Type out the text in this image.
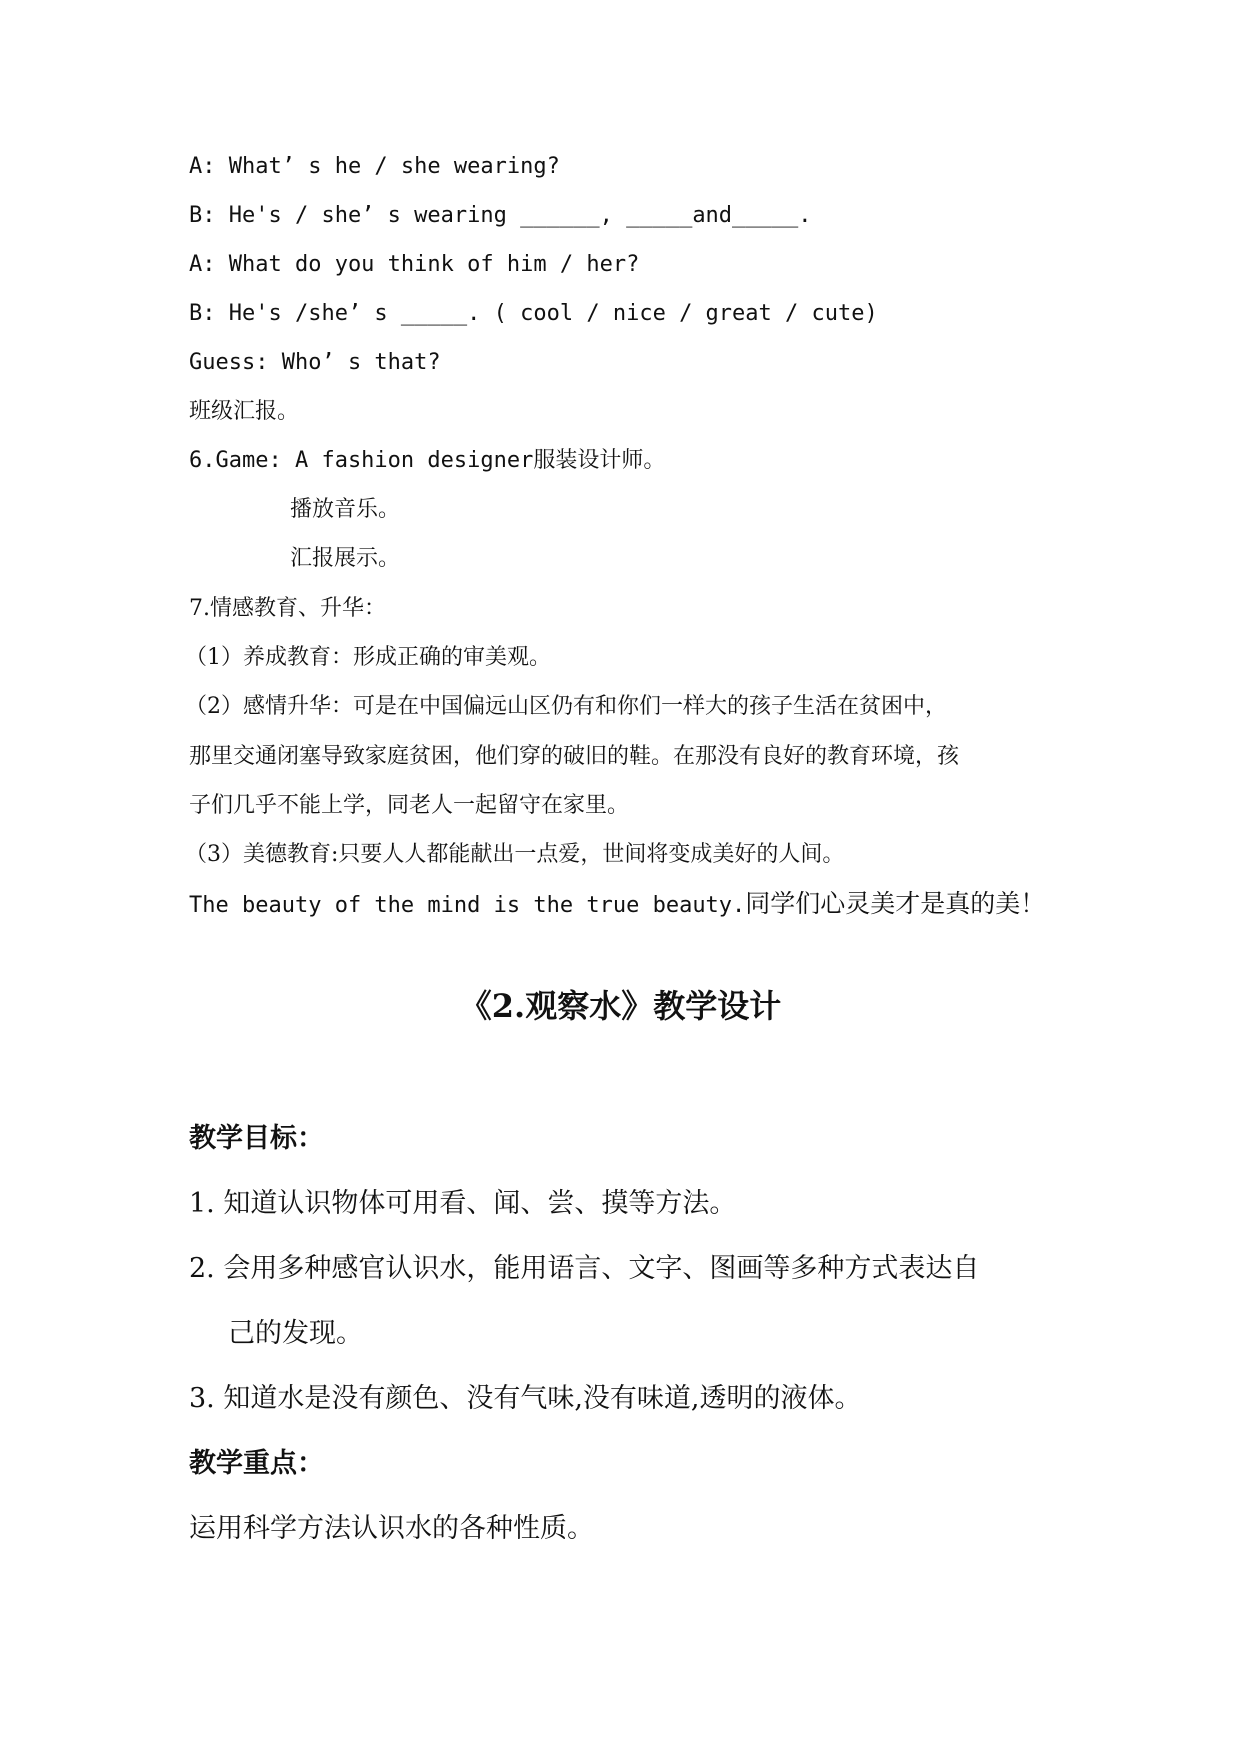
A: What’ s he / she wearing?
B: He's / she’ s wearing ______, _____and_____.
A: What do you think of him / her?
B: He's /she’ s _____. ( cool / nice / great / cute)
Guess: Who’ s that?
班级汇报。
6.Game: A fashion designer服装设计师。
播放音乐。
汇报展示。
7.情感教育、升华：
（1）养成教育：形成正确的审美观。
（2）感情升华：可是在中国偏远山区仍有和你们一样大的孩子生活在贫困中，
那里交通闭塞导致家庭贫困，他们穿的破旧的鞋。在那没有良好的教育环境，孩
子们几乎不能上学，同老人一起留守在家里。
（3）美德教育:只要人人都能献出一点爱，世间将变成美好的人间。
The beauty of the mind is the true beauty.同学们心灵美才是真的美！
《2.观察水》教学设计
教学目标：
1. 知道认识物体可用看、闻、尝、摸等方法。
2. 会用多种感官认识水，能用语言、文字、图画等多种方式表达自
己的发现。
3. 知道水是没有颜色、没有气味,没有味道,透明的液体。
教学重点：
运用科学方法认识水的各种性质。
